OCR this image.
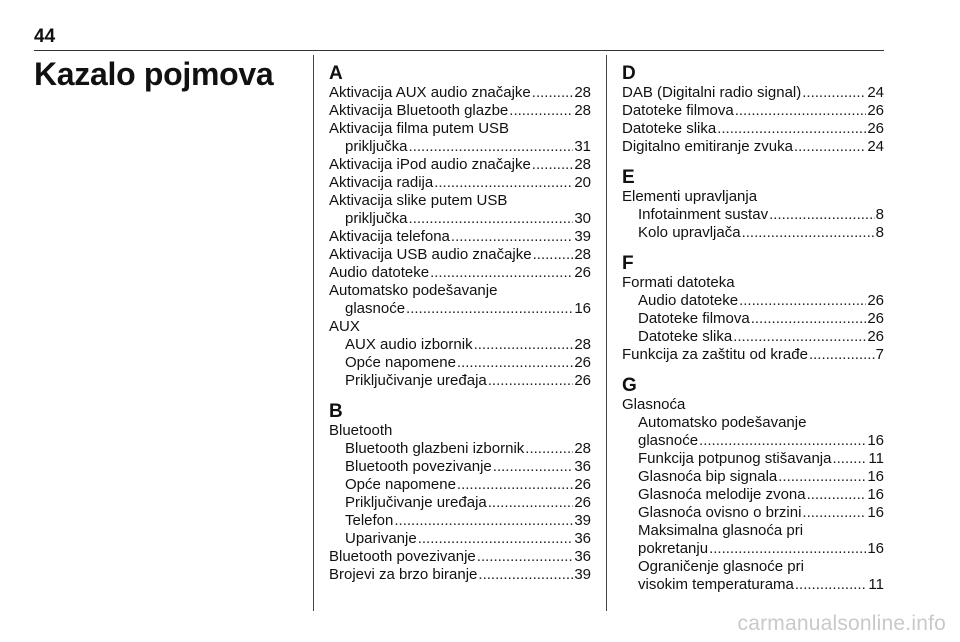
44
Kazalo pojmova	A
Aktivacija AUX audio značajke .....	28
Aktivacija Bluetooth glazbe .....	28
Aktivacija filma putem USB
priključka .....	31
Aktivacija iPod audio značajke .....	28
Aktivacija radija .....	20
Aktivacija slike putem USB
priključka .....	30
Aktivacija telefona .....	39
Aktivacija USB audio značajke .....	28
Audio datoteke .....	26
Automatsko podešavanje
glasnoće .....	16
AUX
AUX audio izbornik .....	28
Opće napomene .....	26
Priključivanje uređaja .....	26
B
Bluetooth
Bluetooth glazbeni izbornik .....	28
Bluetooth povezivanje .....	36
Opće napomene .....	26
Priključivanje uređaja .....	26
Telefon .....	39
Uparivanje .....	36
Bluetooth povezivanje .....	36
Brojevi za brzo biranje .....	39
D
DAB (Digitalni radio signal) .....	24
Datoteke filmova .....	26
Datoteke slika .....	26
Digitalno emitiranje zvuka .....	24
E
Elementi upravljanja
Infotainment sustav .....	8
Kolo upravljača .....	8
F
Formati datoteka
Audio datoteke .....	26
Datoteke filmova .....	26
Datoteke slika .....	26
Funkcija za zaštitu od krađe .....	7
G
Glasnoća
Automatsko podešavanje
glasnoće .....	16
Funkcija potpunog stišavanja ..... 11
Glasnoća bip signala .....	16
Glasnoća melodije zvona .....	16
Glasnoća ovisno o brzini .....	16
Maksimalna glasnoća pri
pokretanju .....	16
Ograničenje glasnoće pri
visokim temperaturama .....	11
carmanualsonline.info
